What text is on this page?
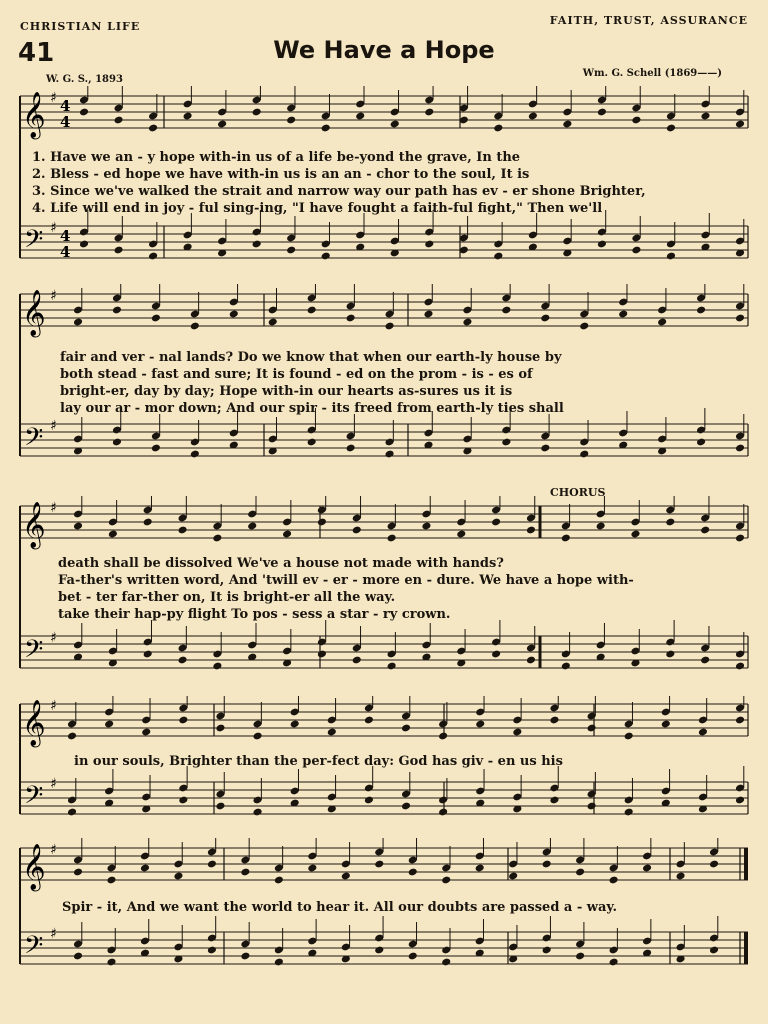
CHRISTIAN LIFE	FAITH, TRUST, ASSURANCE
41	We Have a Hope
W. G. S., 1893
Wm. G. Schell (1869——)
𝄞
𝄢
♯
♯
4
4
4
4
1. Have we an - y hope with-in us of a life be-yond the grave, In the
2. Bless - ed hope we have with-in us is an an - chor to the soul, It is
3. Since we've walked the strait and narrow way our path has ev - er shone Brighter,
4. Life will end in joy - ful sing-ing, "I have fought a faith-ful fight," Then we'll
𝄞
𝄢
♯
♯
fair and ver - nal lands? Do we know that when our earth-ly house by
both stead - fast and sure; It is found - ed on the prom - is - es of
bright-er, day by day; Hope with-in our hearts as-sures us it is
lay our ar - mor down; And our spir - its freed from earth-ly ties shall
CHORUS
𝄞
𝄢
♯
♯
death shall be dissolved We've a house not made with hands?
Fa-ther's written word, And 'twill ev - er - more en - dure. We have a hope with-
bet - ter far-ther on, It is bright-er all the way.
take their hap-py flight To pos - sess a star - ry crown.
𝄞
𝄢
♯
♯
in our souls, Brighter than the per-fect day: God has giv - en us his
𝄞
𝄢
♯
♯
Spir - it, And we want the world to hear it. All our doubts are passed a - way.
